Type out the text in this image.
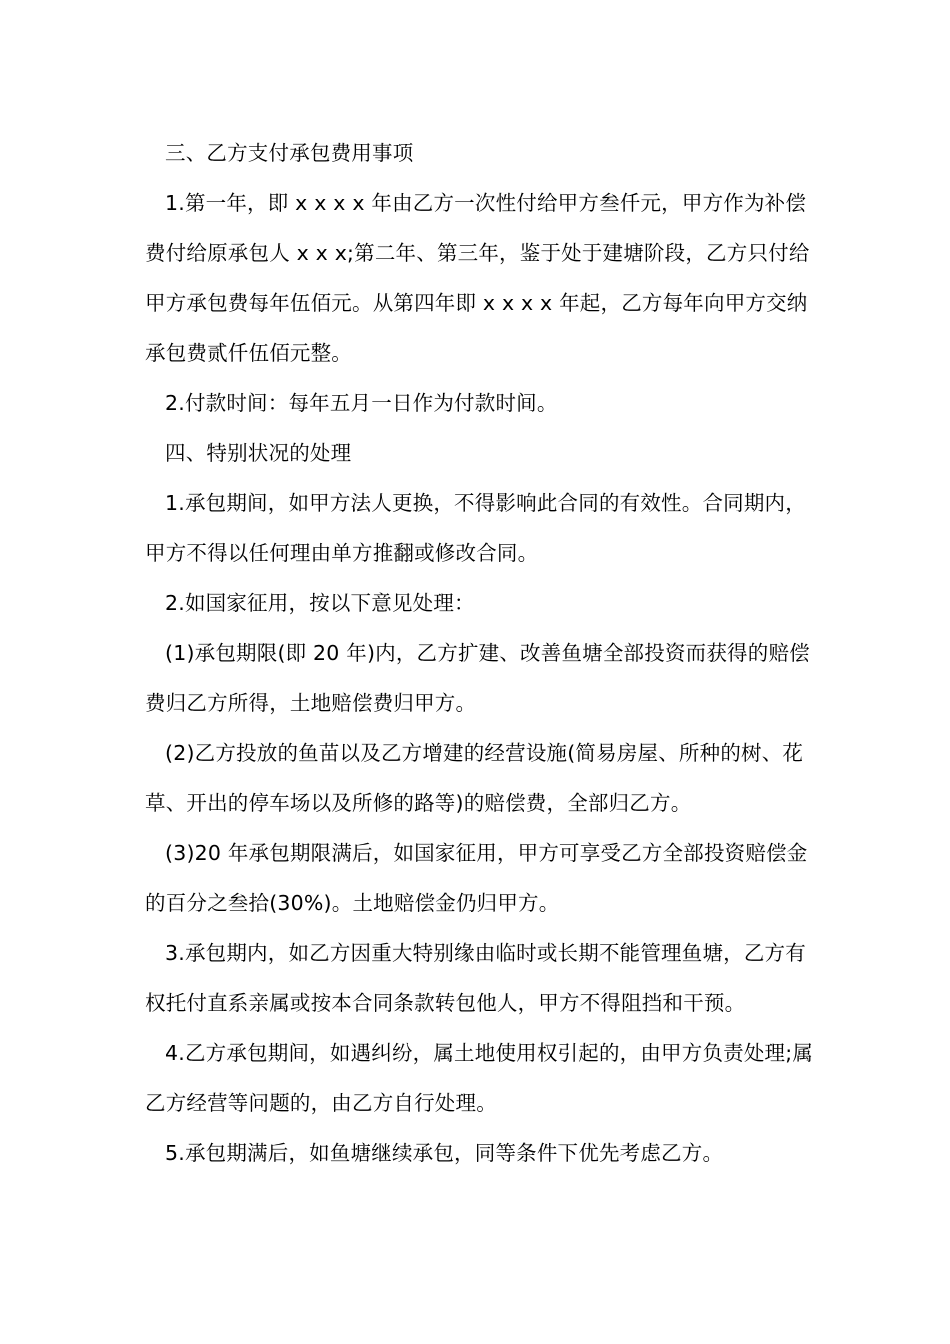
三、乙方支付承包费用事项

1.第一年，即 x x x x 年由乙方一次性付给甲方叁仟元，甲方作为补偿费付给原承包人 x x x;第二年、第三年，鉴于处于建塘阶段，乙方只付给甲方承包费每年伍佰元。从第四年即 x x x x 年起，乙方每年向甲方交纳承包费贰仟伍佰元整。

2.付款时间：每年五月一日作为付款时间。

四、特别状况的处理

1.承包期间，如甲方法人更换，不得影响此合同的有效性。合同期内，甲方不得以任何理由单方推翻或修改合同。

2.如国家征用，按以下意见处理：

(1)承包期限(即 20 年)内，乙方扩建、改善鱼塘全部投资而获得的赔偿费归乙方所得，土地赔偿费归甲方。

(2)乙方投放的鱼苗以及乙方增建的经营设施(简易房屋、所种的树、花草、开出的停车场以及所修的路等)的赔偿费，全部归乙方。

(3)20 年承包期限满后，如国家征用，甲方可享受乙方全部投资赔偿金的百分之叁拾(30%)。土地赔偿金仍归甲方。

3.承包期内，如乙方因重大特别缘由临时或长期不能管理鱼塘，乙方有权托付直系亲属或按本合同条款转包他人，甲方不得阻挡和干预。

4.乙方承包期间，如遇纠纷，属土地使用权引起的，由甲方负责处理;属乙方经营等问题的，由乙方自行处理。

5.承包期满后，如鱼塘继续承包，同等条件下优先考虑乙方。
